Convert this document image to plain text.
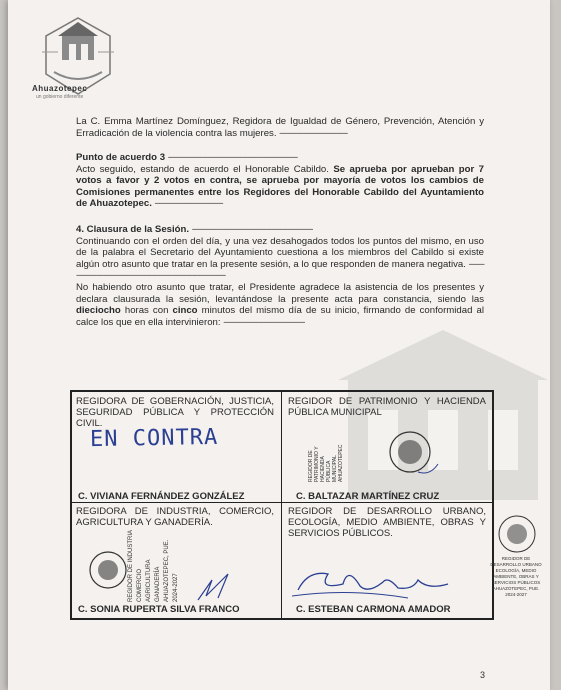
Ahuazotepec
un gobierno diferente
La C. Emma Martínez Domínguez, Regidora de Igualdad de Género, Prevención, Atención y Erradicación de la violencia contra las mujeres. -------------------------------
Punto de acuerdo 3 -----------------------------------------------------------
Acto seguido, estando de acuerdo el Honorable Cabildo. Se aprueba por aprueban por 7 votos a favor y 2 votos en contra, se aprueba por mayoría de votos los cambios de Comisiones permanentes entre los Regidores del Honorable Cabildo del Ayuntamiento de Ahuazotepec. -------------------------------
4. Clausura de la Sesión. -------------------------------------------------------
Continuando con el orden del día, y una vez desahogados todos los puntos del mismo, en uso de la palabra el Secretario del Ayuntamiento cuestiona a los miembros del Cabildo si existe algún otro asunto que tratar en la presente sesión, a lo que responden de manera negativa. ---------------------------------------------------------------------------
No habiendo otro asunto que tratar, el Presidente agradece la asistencia de los presentes y declara clausurada la sesión, levantándose la presente acta para constancia, siendo las dieciocho horas con cinco minutos del mismo día de su inicio, firmando de conformidad al calce los que en ella intervinieron: -------------------------------------
REGIDORA DE GOBERNACIÓN, JUSTICIA, SEGURIDAD PÚBLICA Y PROTECCIÓN CIVIL.
EN CONTRA
C. VIVIANA FERNÁNDEZ GONZÁLEZ
REGIDOR DE PATRIMONIO Y HACIENDA PÚBLICA MUNICIPAL
REGIDOR DE PATRIMONIO Y HACIENDA PÚBLICA MUNICIPAL AHUAZOTEPEC
C. BALTAZAR MARTÍNEZ CRUZ
REGIDORA DE INDUSTRIA, COMERCIO, AGRICULTURA Y GANADERÍA.
REGIDOR DE INDUSTRIA COMERCIO AGRICULTURA GANADERÍA AHUAZOTEPEC, PUE. 2024-2027
C. SONIA RUPERTA SILVA FRANCO
REGIDOR DE DESARROLLO URBANO, ECOLOGÍA, MEDIO AMBIENTE, OBRAS Y SERVICIOS PÚBLICOS.
C. ESTEBAN CARMONA AMADOR
REGIDOR DE DESARROLLO URBANO ECOLOGÍA, MEDIO AMBIENTE, OBRAS Y SERVICIOS PÚBLICOS AHUAZOTEPEC, PUE. 2024-2027
3
